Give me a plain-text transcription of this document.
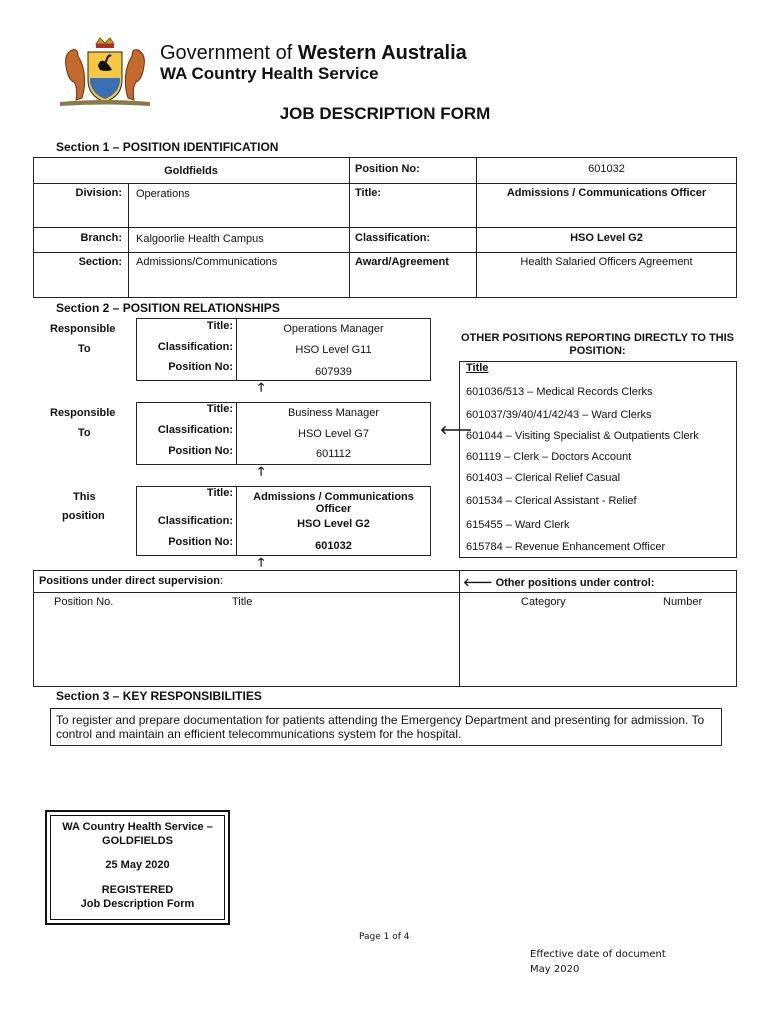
Government of Western Australia
WA Country Health Service
JOB DESCRIPTION FORM
Section 1 – POSITION IDENTIFICATION
Goldfields	Position No:	601032
Division: Operations	Title:	Admissions / Communications Officer
Branch: Kalgoorlie Health Campus	Classification:	HSO Level G2
Section: Admissions/Communications	Award/Agreement	Health Salaried Officers Agreement
Section 2 – POSITION RELATIONSHIPS
Responsible
To
Title:	Operations Manager
Classification:	HSO Level G11
Position No:	607939
🡑
Responsible
To
Title:	Business Manager
Classification:	HSO Level G7
Position No:	601112
🡑
🡐
This
position
Title:	Admissions / Communications Officer
Classification:	HSO Level G2
Position No:	601032
🡑
OTHER POSITIONS REPORTING DIRECTLY TO THIS POSITION:
Title
601036/513 – Medical Records Clerks
601037/39/40/41/42/43 – Ward Clerks
601044 – Visiting Specialist & Outpatients Clerk
601119 – Clerk – Doctors Account
601403 – Clerical Relief Casual
601534 – Clerical Assistant - Relief
615455 – Ward Clerk
615784 – Revenue Enhancement Officer
Positions under direct supervision:
Position No.	Title
🡐 Other positions under control:
Category	Number
Section 3 – KEY RESPONSIBILITIES
To register and prepare documentation for patients attending the Emergency Department and presenting for admission. To control and maintain an efficient telecommunications system for the hospital.
WA Country Health Service –
GOLDFIELDS
25 May 2020
REGISTERED
Job Description Form
Page 1 of 4
Effective date of document
May 2020
